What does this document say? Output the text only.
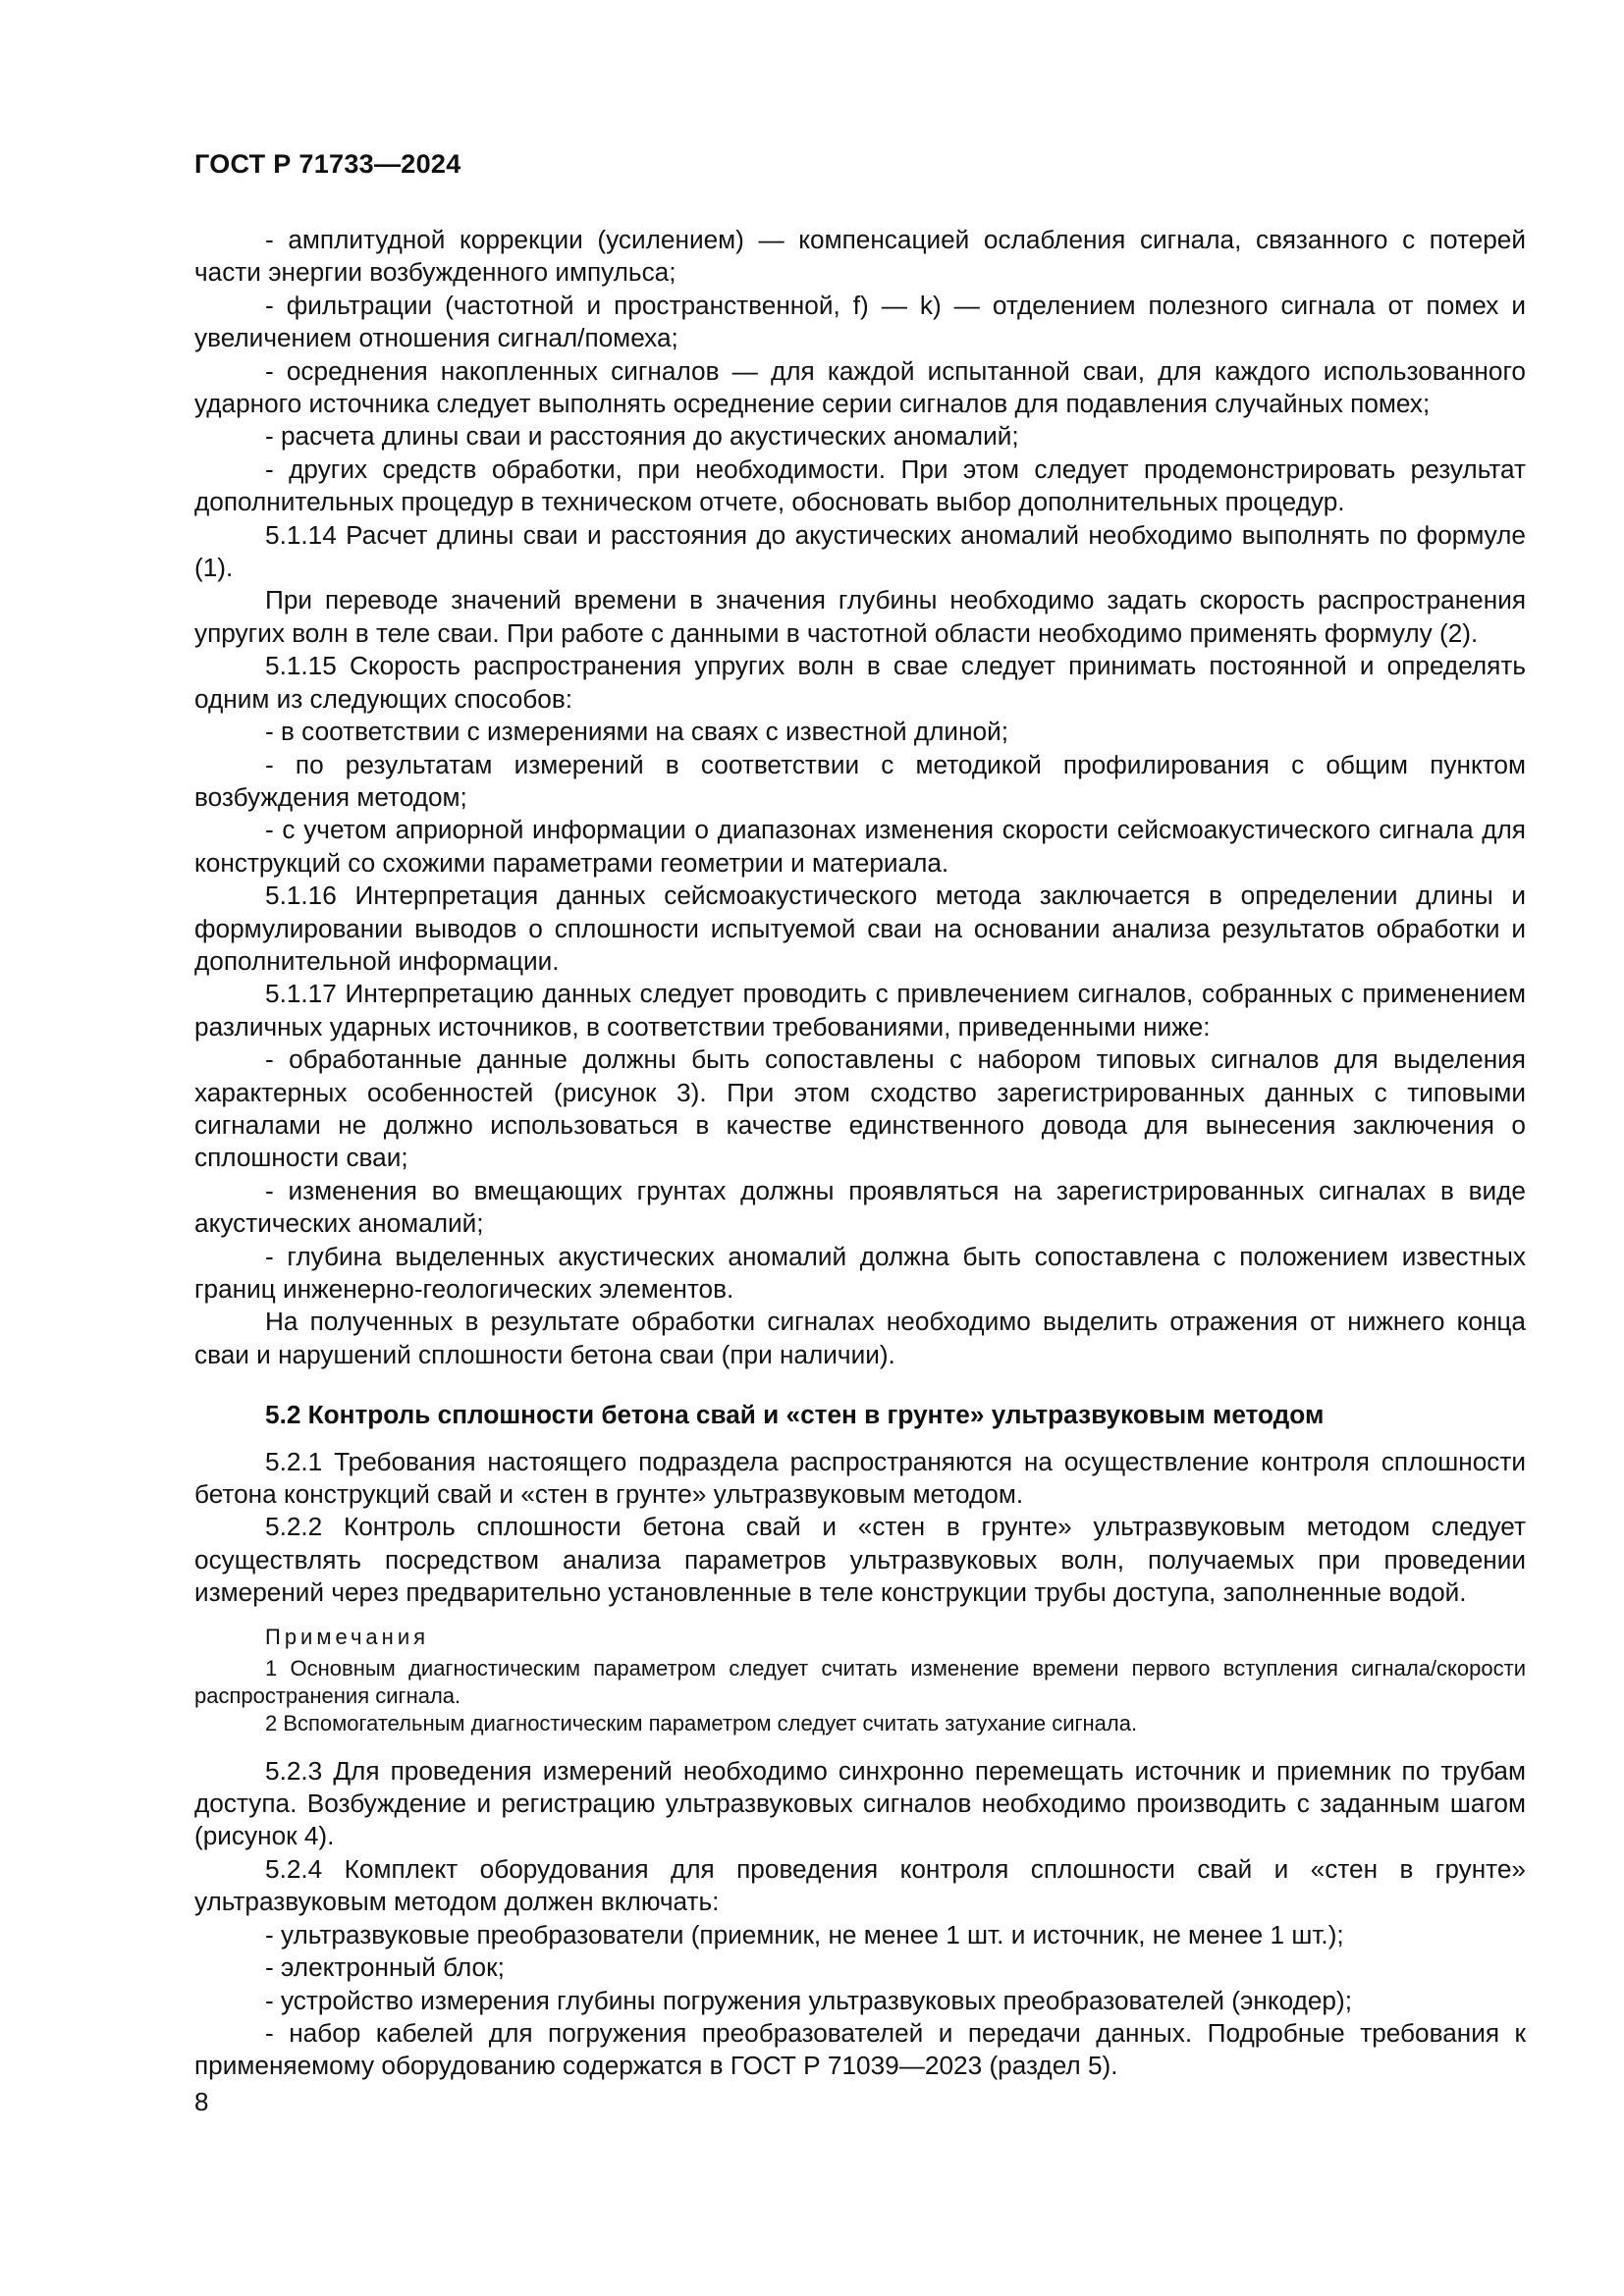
ГОСТ Р 71733—2024

- амплитудной коррекции (усилением) — компенсацией ослабления сигнала, связанного с потерей части энергии возбужденного импульса;

- фильтрации (частотной и пространственной, f) — k) — отделением полезного сигнала от помех и увеличением отношения сигнал/помеха;

- осреднения накопленных сигналов — для каждой испытанной сваи, для каждого использованного ударного источника следует выполнять осреднение серии сигналов для подавления случайных помех;

- расчета длины сваи и расстояния до акустических аномалий;

- других средств обработки, при необходимости. При этом следует продемонстрировать результат дополнительных процедур в техническом отчете, обосновать выбор дополнительных процедур.

5.1.14 Расчет длины сваи и расстояния до акустических аномалий необходимо выполнять по формуле (1).

При переводе значений времени в значения глубины необходимо задать скорость распространения упругих волн в теле сваи. При работе с данными в частотной области необходимо применять формулу (2).

5.1.15 Скорость распространения упругих волн в свае следует принимать постоянной и определять одним из следующих способов:

- в соответствии с измерениями на сваях с известной длиной;

- по результатам измерений в соответствии с методикой профилирования с общим пунктом возбуждения методом;

- с учетом априорной информации о диапазонах изменения скорости сейсмоакустического сигнала для конструкций со схожими параметрами геометрии и материала.

5.1.16 Интерпретация данных сейсмоакустического метода заключается в определении длины и формулировании выводов о сплошности испытуемой сваи на основании анализа результатов обработки и дополнительной информации.

5.1.17 Интерпретацию данных следует проводить с привлечением сигналов, собранных с применением различных ударных источников, в соответствии требованиями, приведенными ниже:

- обработанные данные должны быть сопоставлены с набором типовых сигналов для выделения характерных особенностей (рисунок 3). При этом сходство зарегистрированных данных с типовыми сигналами не должно использоваться в качестве единственного довода для вынесения заключения о сплошности сваи;

- изменения во вмещающих грунтах должны проявляться на зарегистрированных сигналах в виде акустических аномалий;

- глубина выделенных акустических аномалий должна быть сопоставлена с положением известных границ инженерно-геологических элементов.

На полученных в результате обработки сигналах необходимо выделить отражения от нижнего конца сваи и нарушений сплошности бетона сваи (при наличии).

5.2 Контроль сплошности бетона свай и «стен в грунте» ультразвуковым методом

5.2.1 Требования настоящего подраздела распространяются на осуществление контроля сплошности бетона конструкций свай и «стен в грунте» ультразвуковым методом.

5.2.2 Контроль сплошности бетона свай и «стен в грунте» ультразвуковым методом следует осуществлять посредством анализа параметров ультразвуковых волн, получаемых при проведении измерений через предварительно установленные в теле конструкции трубы доступа, заполненные водой.

Примечания

1 Основным диагностическим параметром следует считать изменение времени первого вступления сигнала/скорости распространения сигнала.

2 Вспомогательным диагностическим параметром следует считать затухание сигнала.

5.2.3 Для проведения измерений необходимо синхронно перемещать источник и приемник по трубам доступа. Возбуждение и регистрацию ультразвуковых сигналов необходимо производить с заданным шагом (рисунок 4).

5.2.4 Комплект оборудования для проведения контроля сплошности свай и «стен в грунте» ультразвуковым методом должен включать:

- ультразвуковые преобразователи (приемник, не менее 1 шт. и источник, не менее 1 шт.);

- электронный блок;

- устройство измерения глубины погружения ультразвуковых преобразователей (энкодер);

- набор кабелей для погружения преобразователей и передачи данных. Подробные требования к применяемому оборудованию содержатся в ГОСТ Р 71039—2023 (раздел 5).

8
